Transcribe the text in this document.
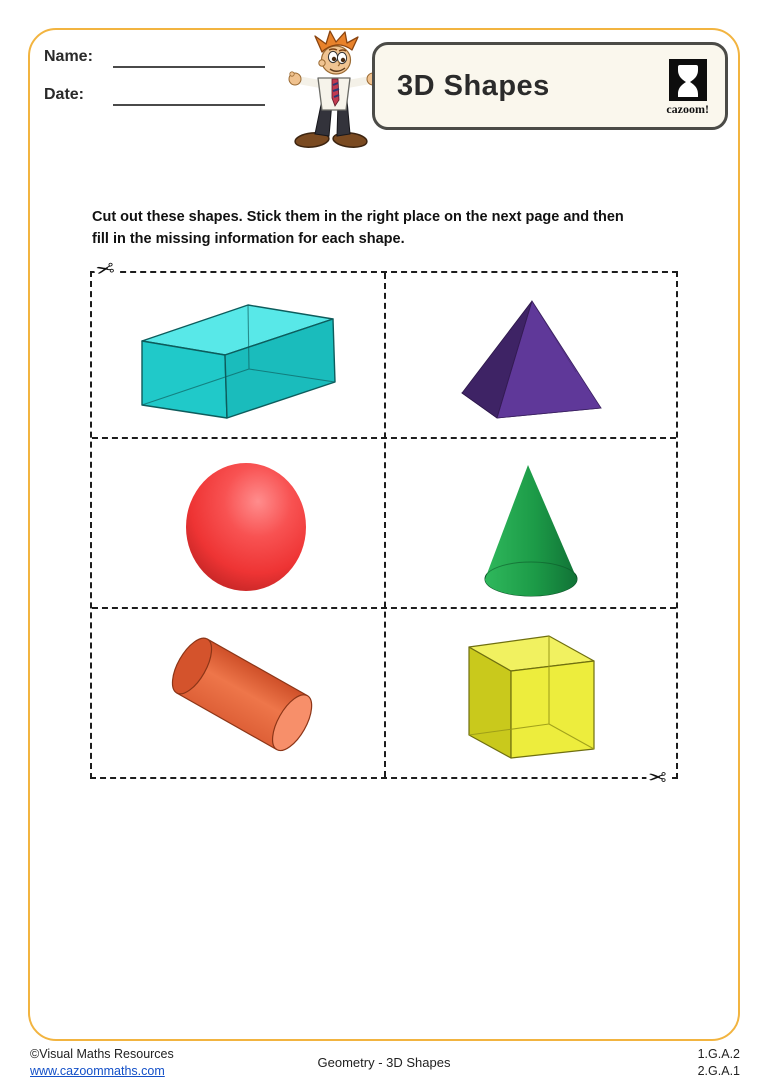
Name:
Date:	3D Shapes
cazoom!
Cut out these shapes. Stick them in the right place on the next page and then
fill in the missing information for each shape.
✂
✂
©Visual Maths Resources
www.cazoommaths.com
Geometry - 3D Shapes
1.G.A.2
2.G.A.1
